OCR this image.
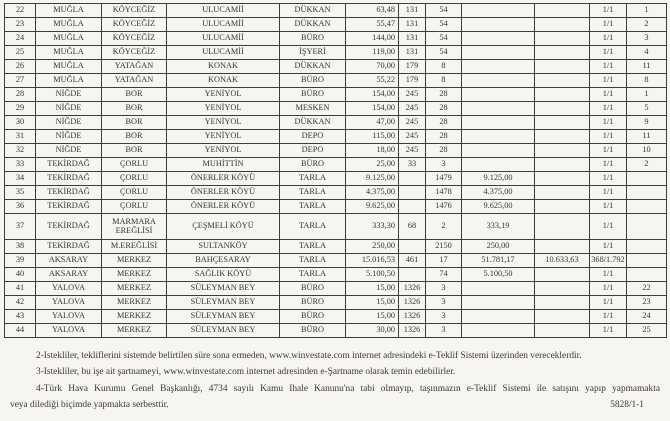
22	MUĞLA	KÖYCEĞİZ	ULUCAMİİ	DÜKKAN	63,48	131	54			1/1	1
23	MUĞLA	KÖYCEĞİZ	ULUCAMİİ	DÜKKAN	55,47	131	54			1/1	2
24	MUĞLA	KÖYCEĞİZ	ULUCAMİİ	BÜRO	144,00	131	54			1/1	3
25	MUĞLA	KÖYCEĞİZ	ULUCAMİİ	İŞYERİ	119,00	131	54			1/1	4
26	MUĞLA	YATAĞAN	KONAK	DÜKKAN	70,00	179	8			1/1	11
27	MUĞLA	YATAĞAN	KONAK	BÜRO	55,22	179	8			1/1	8
28	NİĞDE	BOR	YENİYOL	BÜRO	154,00	245	28			1/1	1
29	NİĞDE	BOR	YENİYOL	MESKEN	154,00	245	28			1/1	5
30	NİĞDE	BOR	YENİYOL	DÜKKAN	47,00	245	28			1/1	9
31	NİĞDE	BOR	YENİYOL	DEPO	115,00	245	28			1/1	11
32	NİĞDE	BOR	YENİYOL	DEPO	18,00	245	28			1/1	10
33	TEKİRDAĞ	ÇORLU	MUHİTTİN	BÜRO	25,00	33	3			1/1	2
34	TEKİRDAĞ	ÇORLU	ÖNERLER KÖYÜ	TARLA	9.125,00		1479	9.125,00		1/1	
35	TEKİRDAĞ	ÇORLU	ÖNERLER KÖYÜ	TARLA	4.375,00		1478	4.375,00		1/1	
36	TEKİRDAĞ	ÇORLU	ÖNERLER KÖYÜ	TARLA	9.625,00		1476	9.625,00		1/1	
37	TEKİRDAĞ	MARMARA EREĞLİSİ	ÇEŞMELİ KÖYÜ	TARLA	333,30	68	2	333,19		1/1	
38	TEKİRDAĞ	M.EREĞLİSİ	SULTANKÖY	TARLA	250,00		2150	250,00		1/1	
39	AKSARAY	MERKEZ	BAHÇESARAY	TARLA	15.016,53	461	17	51.781,17	10.633,63	368/1.792	
40	AKSARAY	MERKEZ	SAĞLIK KÖYÜ	TARLA	5.100,50		74	5.100,50		1/1	
41	YALOVA	MERKEZ	SÜLEYMAN BEY	BÜRO	15,00	1326	3			1/1	22
42	YALOVA	MERKEZ	SÜLEYMAN BEY	BÜRO	15,00	1326	3			1/1	23
43	YALOVA	MERKEZ	SÜLEYMAN BEY	BÜRO	15,00	1326	3			1/1	24
44	YALOVA	MERKEZ	SÜLEYMAN BEY	BÜRO	30,00	1326	3			1/1	25
2-İstekliler, tekliflerini sistemde belirtilen süre sona ermeden, www.winvestate.com internet adresindeki e-Teklif Sistemi üzerinden vereceklerdir.
3-İstekliler, bu işe ait şartnameyi, www.winvestate.com internet adresinden e-Şartname olarak temin edebilirler.
4-Türk Hava Kurumu Genel Başkanlığı, 4734 sayılı Kamu İhale Kanunu'na tabi olmayıp, taşınmazın e-Teklif Sistemi ile satışını yapıp yapmamakta
veya dilediği biçimde yapmakta serbesttir.	5828/1-1
